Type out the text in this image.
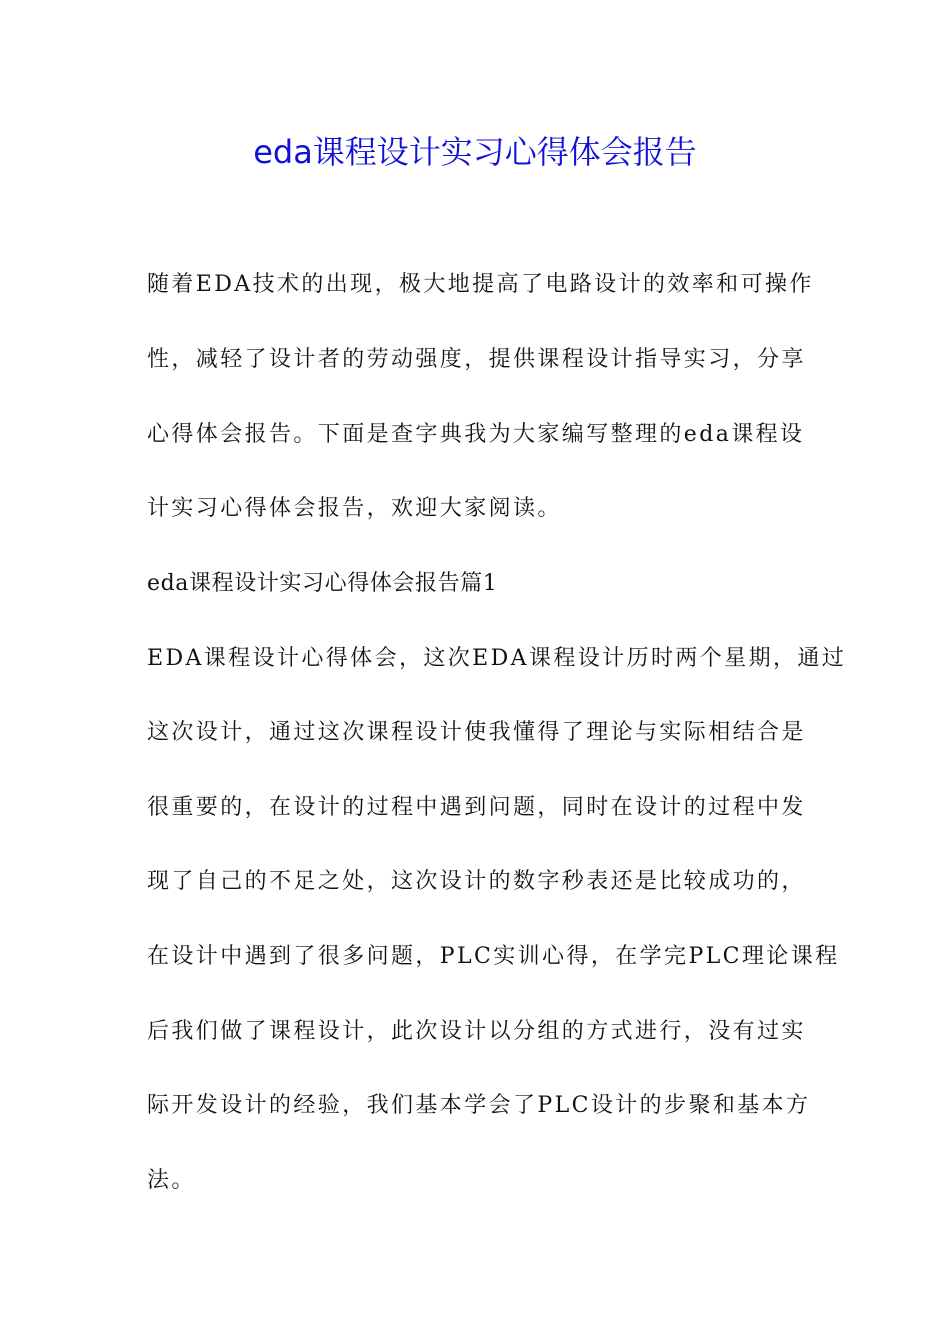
eda课程设计实习心得体会报告

随着EDA技术的出现，极大地提高了电路设计的效率和可操作

性，减轻了设计者的劳动强度，提供课程设计指导实习，分享

心得体会报告。下面是查字典我为大家编写整理的eda课程设

计实习心得体会报告，欢迎大家阅读。

eda课程设计实习心得体会报告篇1

EDA课程设计心得体会，这次EDA课程设计历时两个星期，通过

这次设计，通过这次课程设计使我懂得了理论与实际相结合是

很重要的，在设计的过程中遇到问题，同时在设计的过程中发

现了自己的不足之处，这次设计的数字秒表还是比较成功的，

在设计中遇到了很多问题，PLC实训心得，在学完PLC理论课程

后我们做了课程设计，此次设计以分组的方式进行，没有过实

际开发设计的经验，我们基本学会了PLC设计的步聚和基本方

法。
